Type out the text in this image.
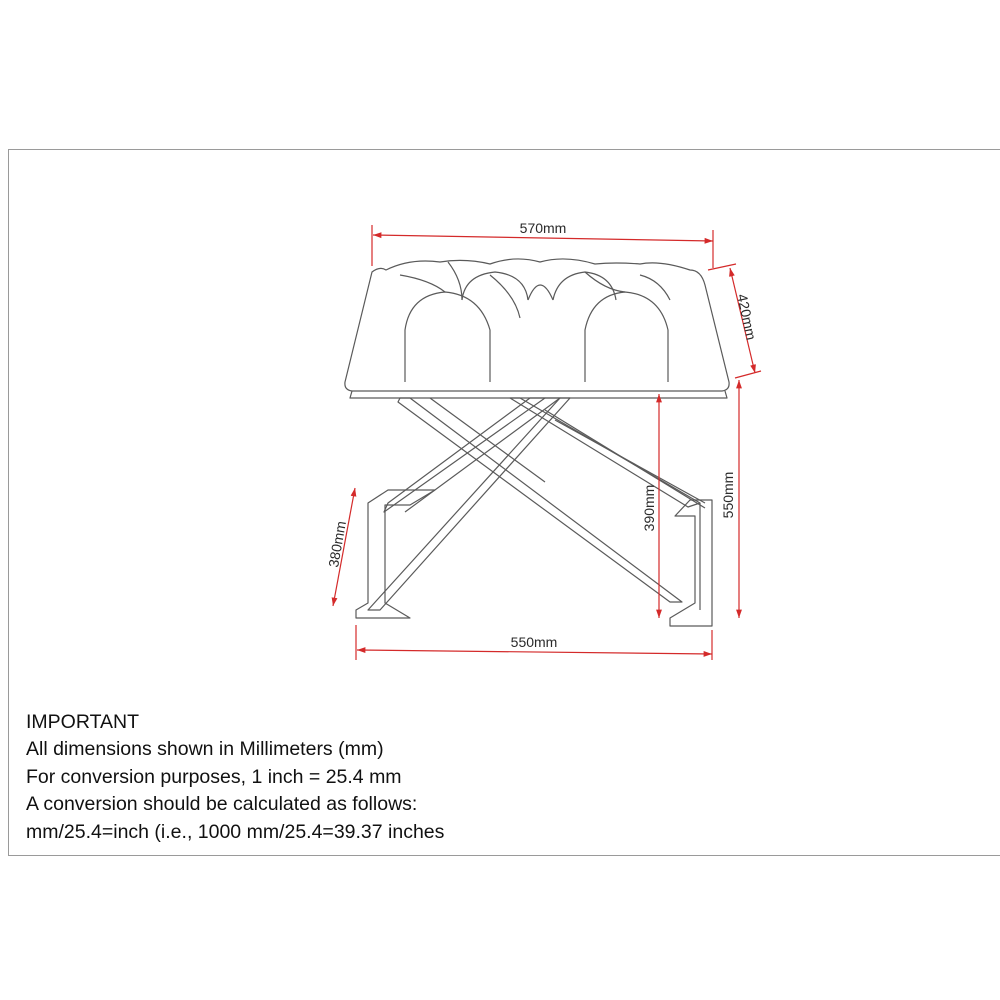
570mm
420mm
550mm
390mm
380mm
550mm
IMPORTANT
All dimensions shown in Millimeters (mm)
For conversion purposes, 1 inch = 25.4 mm
A conversion should be calculated as follows:
mm/25.4=inch (i.e., 1000 mm/25.4=39.37 inches
